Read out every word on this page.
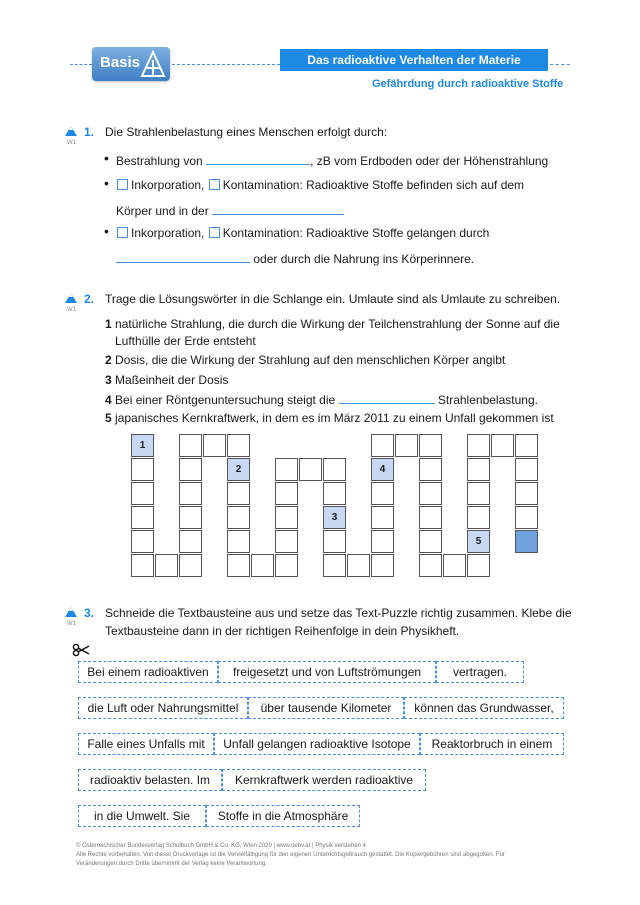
Basis	Das radioaktive Verhalten der Materie
Gefährdung durch radioaktive Stoffe
W1
1. Die Strahlenbelastung eines Menschen erfolgt durch:
• Bestrahlung von	, zB vom Erdboden oder der Höhenstrahlung
•	Inkorporation, Kontamination: Radioaktive Stoffe befinden sich auf dem
Körper und in der
•	Inkorporation, Kontamination: Radioaktive Stoffe gelangen durch
oder durch die Nahrung ins Körperinnere.
W1
2. Trage die Lösungswörter in die Schlange ein. Umlaute sind als Umlaute zu schreiben.
1 natürliche Strahlung, die durch die Wirkung der Teilchenstrahlung der Sonne auf die
Lufthülle der Erde entsteht
2 Dosis, die die Wirkung der Strahlung auf den menschlichen Körper angibt
3 Maßeinheit der Dosis
4 Bei einer Röntgenuntersuchung steigt die	Strahlenbelastung.
5 japanisches Kernkraftwerk, in dem es im März 2011 zu einem Unfall gekommen ist
1
2
3
4
5
W1
3. Schneide die Textbausteine aus und setze das Text-Puzzle richtig zusammen. Klebe die
Textbausteine dann in der richtigen Reihenfolge in dein Physikheft.
Bei einem radioaktiven	freigesetzt und von Luftströmungen	vertragen.
die Luft oder Nahrungsmittel	über tausende Kilometer	können das Grundwasser,
Falle eines Unfalls mit	Unfall gelangen radioaktive Isotope	Reaktorbruch in einem
radioaktiv belasten. Im	Kernkraftwerk werden radioaktive
in die Umwelt. Sie	Stoffe in die Atmosphäre
© Österreichischer Bundesverlag Schulbuch GmbH & Co. KG, Wien 2020 | www.oebv.at | Physik verstehen 4
Alle Rechte vorbehalten. Von dieser Druckvorlage ist die Vervielfältigung für den eigenen Unterrichtsgebrauch gestattet. Die Kopiergebühren sind abgegolten. Für
Veränderungen durch Dritte übernimmt der Verlag keine Verantwortung.
